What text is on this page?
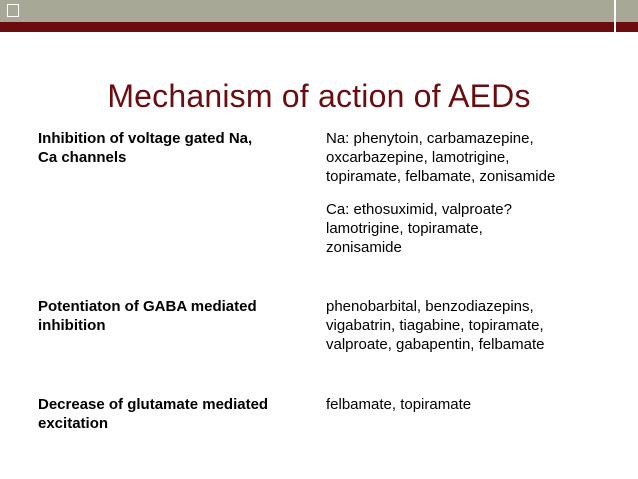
Mechanism of action of AEDs
Inhibition of voltage gated Na,
Ca channels
Na: phenytoin, carbamazepine,
oxcarbazepine, lamotrigine,
topiramate, felbamate, zonisamide
Ca: ethosuximid, valproate?
lamotrigine, topiramate,
zonisamide
Potentiaton of GABA mediated
inhibition
phenobarbital, benzodiazepins,
vigabatrin, tiagabine, topiramate,
valproate, gabapentin, felbamate
Decrease of glutamate mediated
excitation
felbamate, topiramate
